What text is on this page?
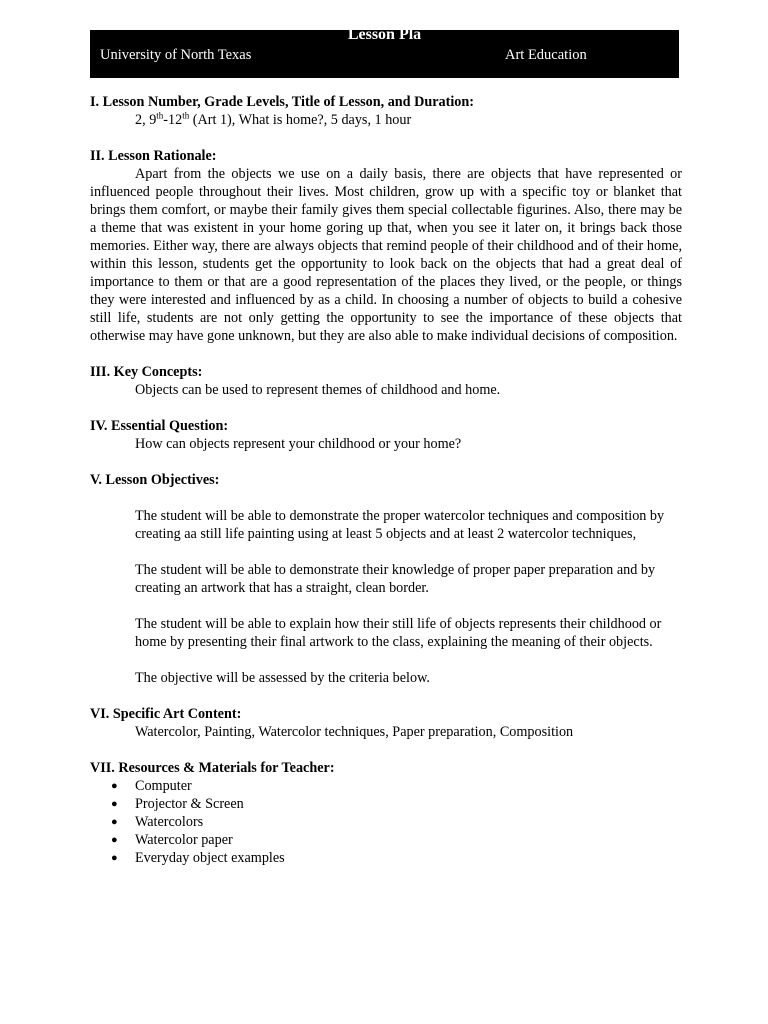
Lesson Pla
University of North Texas	Art Education
I. Lesson Number, Grade Levels, Title of Lesson, and Duration:
2, 9th-12th (Art 1), What is home?, 5 days, 1 hour
II. Lesson Rationale:
Apart from the objects we use on a daily basis, there are objects that have represented or influenced people throughout their lives. Most children, grow up with a specific toy or blanket that brings them comfort, or maybe their family gives them special collectable figurines. Also, there may be a theme that was existent in your home goring up that, when you see it later on, it brings back those memories. Either way, there are always objects that remind people of their childhood and of their home, within this lesson, students get the opportunity to look back on the objects that had a great deal of importance to them or that are a good representation of the places they lived, or the people, or things they were interested and influenced by as a child. In choosing a number of objects to build a cohesive still life, students are not only getting the opportunity to see the importance of these objects that otherwise may have gone unknown, but they are also able to make individual decisions of composition.
III. Key Concepts:
Objects can be used to represent themes of childhood and home.
IV. Essential Question:
How can objects represent your childhood or your home?
V. Lesson Objectives:
The student will be able to demonstrate the proper watercolor techniques and composition by creating aa still life painting using at least 5 objects and at least 2 watercolor techniques,
The student will be able to demonstrate their knowledge of proper paper preparation and by creating an artwork that has a straight, clean border.
The student will be able to explain how their still life of objects represents their childhood or home by presenting their final artwork to the class, explaining the meaning of their objects.
The objective will be assessed by the criteria below.
VI. Specific Art Content:
Watercolor, Painting, Watercolor techniques, Paper preparation, Composition
VII. Resources & Materials for Teacher:
● Computer
● Projector & Screen
● Watercolors
● Watercolor paper
● Everyday object examples
